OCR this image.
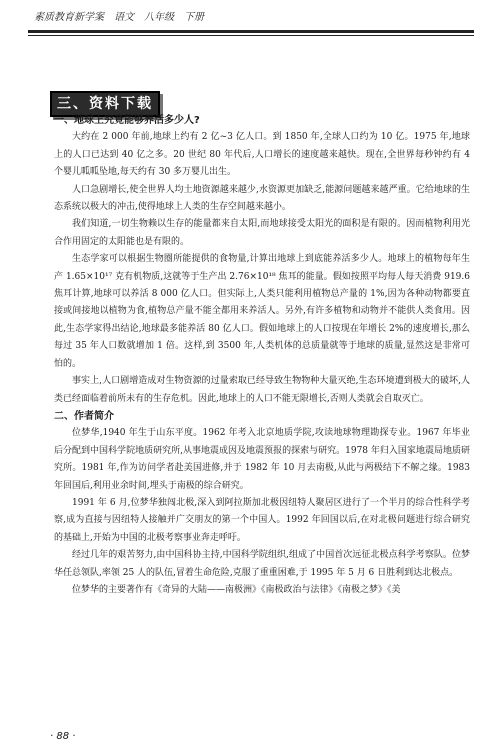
素质教育新学案 语文 八年级 下册
三、资料下载

一、地球上究竟能够养活多少人?

大约在 2 000 年前,地球上约有 2 亿~3 亿人口。到 1850 年,全球人口约为 10 亿。1975 年,地球上的人口已达到 40 亿之多。20 世纪 80 年代后,人口增长的速度越来越快。现在,全世界每秒钟约有 4 个婴儿呱呱坠地,每天约有 30 多万婴儿出生。

人口急剧增长,使全世界人均土地资源越来越少,水资源更加缺乏,能源问题越来越严重。它给地球的生态系统以极大的冲击,使得地球上人类的生存空间越来越小。

我们知道,一切生物赖以生存的能量都来自太阳,而地球接受太阳光的面积是有限的。因而植物利用光合作用固定的太阳能也是有限的。

生态学家可以根据生物圈所能提供的食物量,计算出地球上到底能养活多少人。地球上的植物每年生产 1.65×10¹⁷ 克有机物质,这就等于生产出 2.76×10¹⁸ 焦耳的能量。假如按照平均每人每天消费 919.6 焦耳计算,地球可以养活 8 000 亿人口。但实际上,人类只能利用植物总产量的 1%,因为各种动物都要直接或间接地以植物为食,植物总产量不能全都用来养活人。另外,有许多植物和动物并不能供人类食用。因此,生态学家得出结论,地球最多能养活 80 亿人口。假如地球上的人口按现在年增长 2%的速度增长,那么每过 35 年人口数就增加 1 倍。这样,到 3500 年,人类机体的总质量就等于地球的质量,显然这是非常可怕的。

事实上,人口剧增造成对生物资源的过量索取已经导致生物物种大量灭绝,生态环境遭到极大的破坏,人类已经面临着前所未有的生存危机。因此,地球上的人口不能无限增长,否则人类就会自取灭亡。

二、作者简介

位梦华,1940 年生于山东平度。1962 年考入北京地质学院,攻读地球物理勘探专业。1967 年毕业后分配到中国科学院地质研究所,从事地震成因及地震预报的探索与研究。1978 年归入国家地震局地质研究所。1981 年,作为访问学者赴美国进修,并于 1982 年 10 月去南极,从此与两极结下不解之缘。1983 年回国后,利用业余时间,埋头于南极的综合研究。

1991 年 6 月,位梦华独闯北极,深入到阿拉斯加北极因纽特人聚居区进行了一个半月的综合性科学考察,成为直接与因纽特人接触并广交朋友的第一个中国人。1992 年回国以后,在对北极问题进行综合研究的基础上,开始为中国的北极考察事业奔走呼吁。

经过几年的艰苦努力,由中国科协主持,中国科学院组织,组成了中国首次远征北极点科学考察队。位梦华任总领队,率领 25 人的队伍,冒着生命危险,克服了重重困难,于 1995 年 5 月 6 日胜利到达北极点。

位梦华的主要著作有《奇异的大陆——南极洲》《南极政治与法律》《南极之梦》《美

· 88 ·
